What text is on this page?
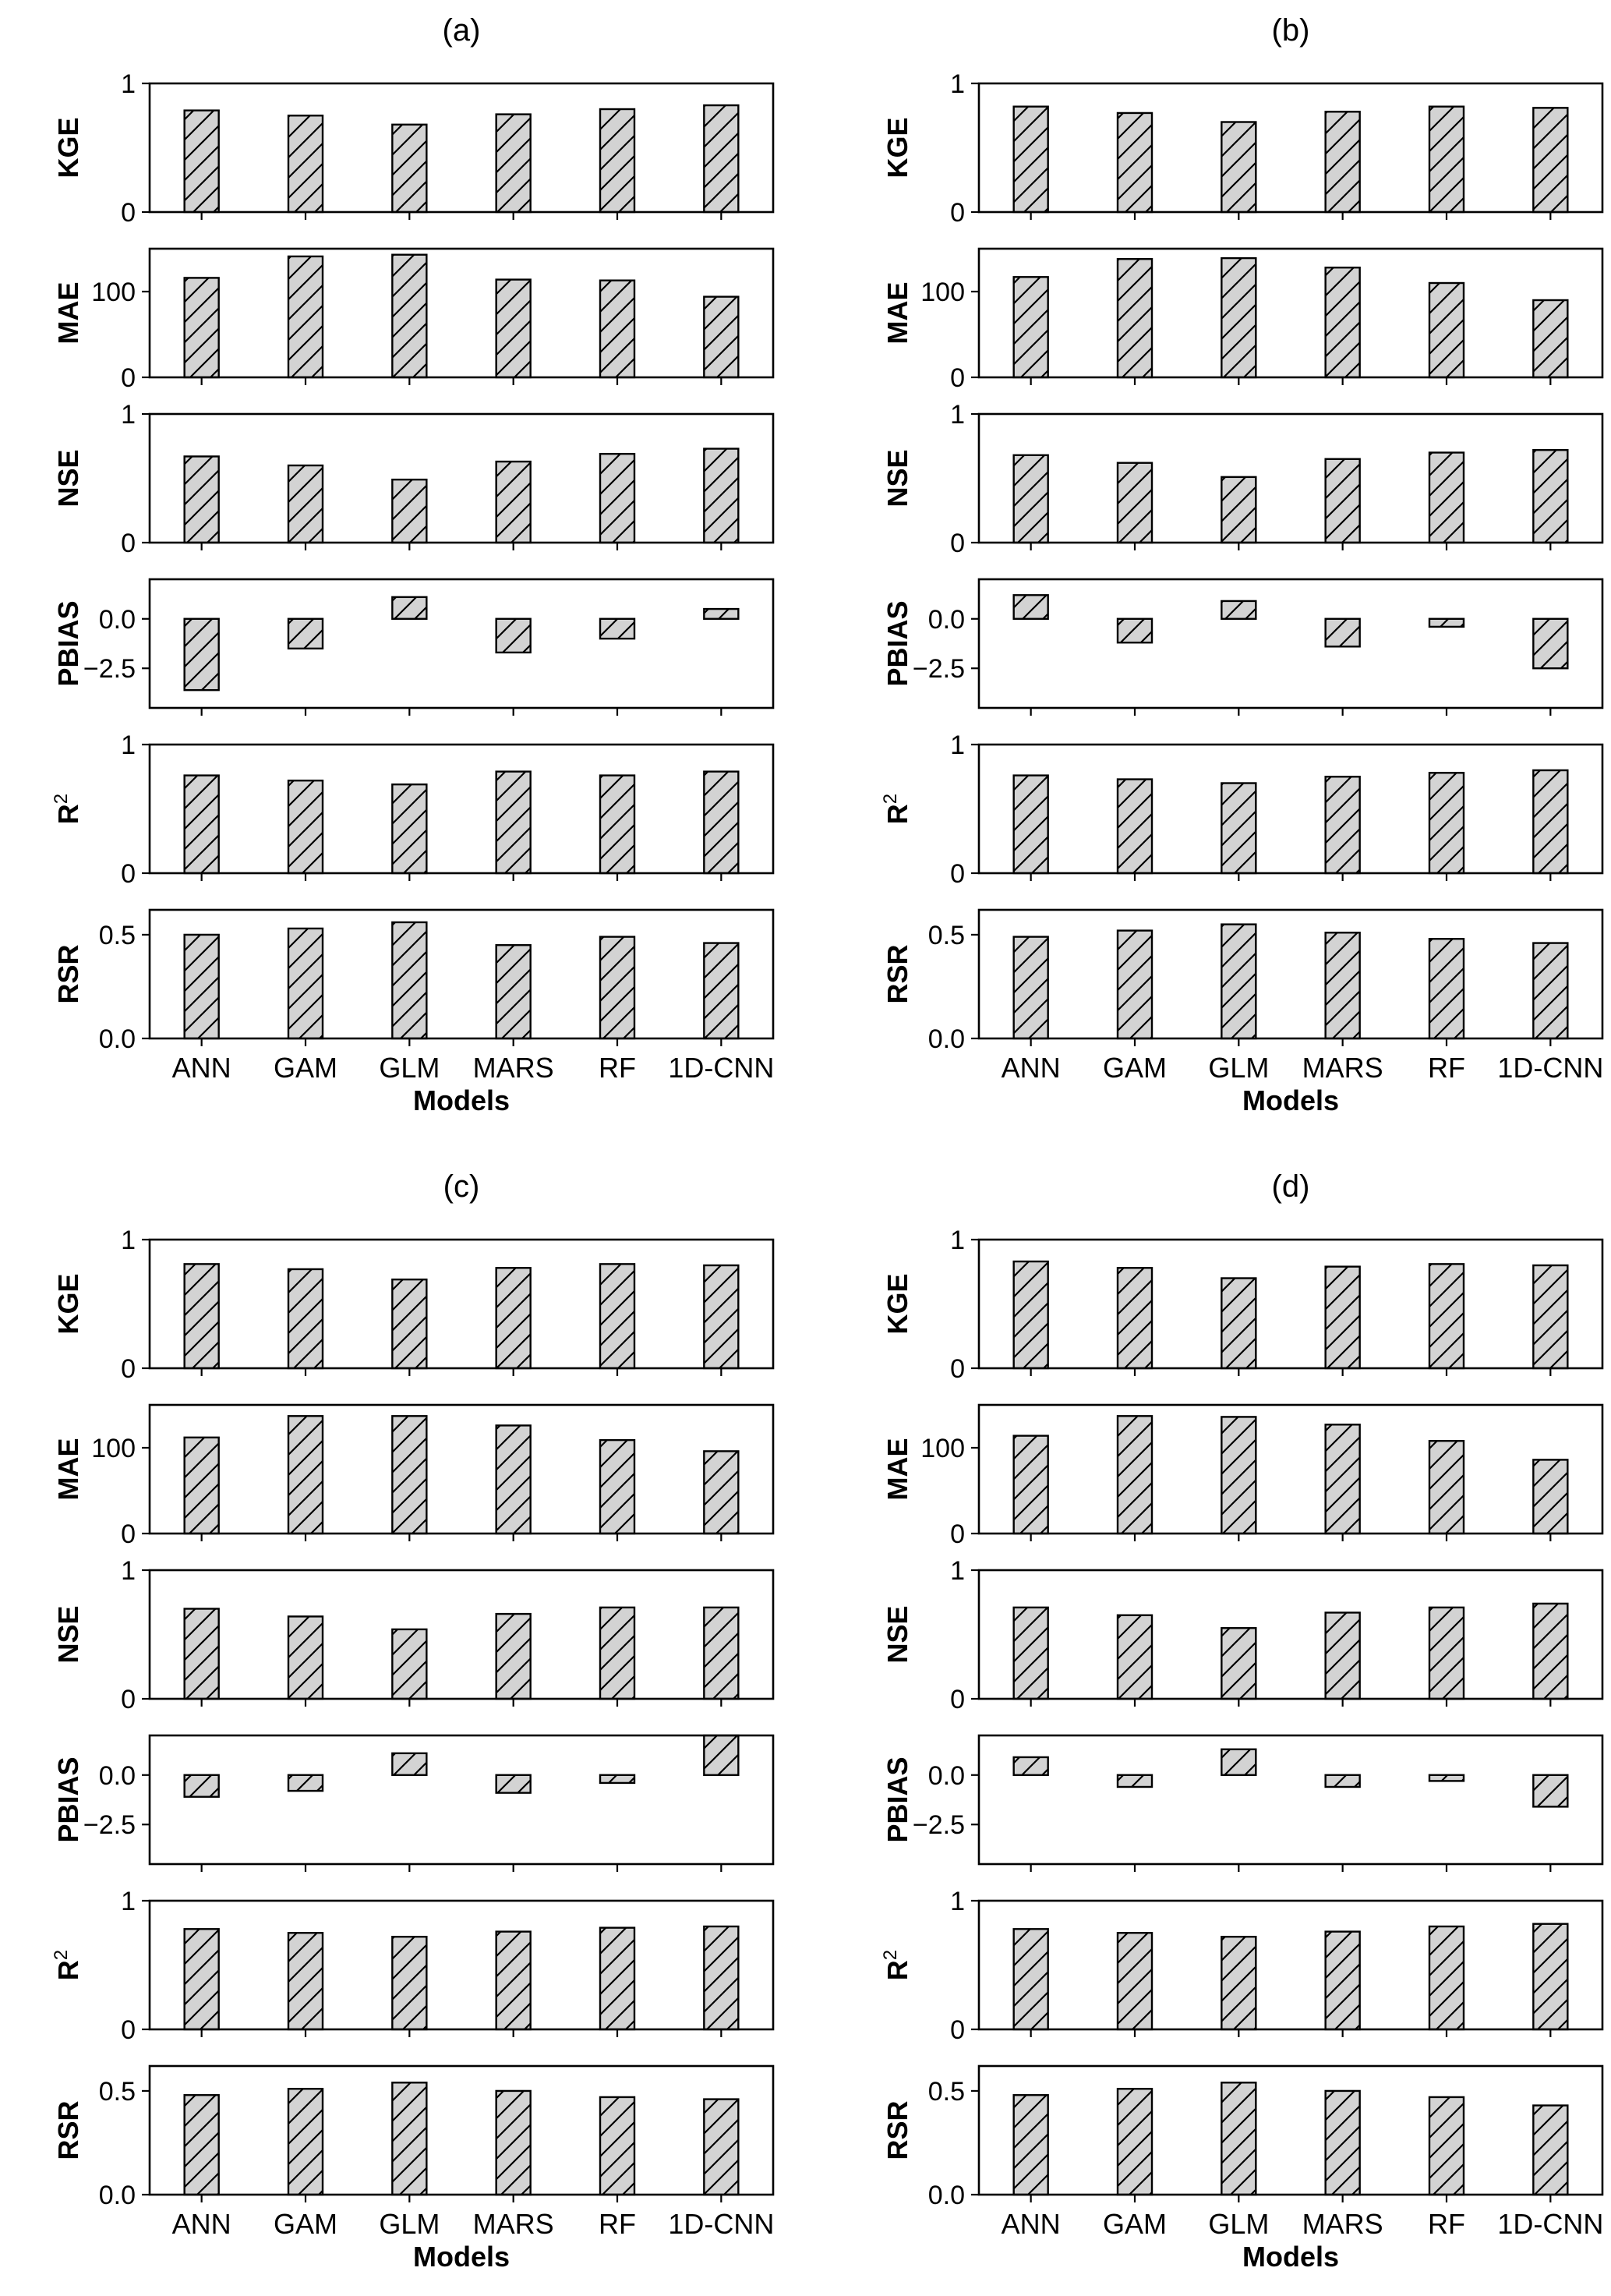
(a)
0
1
KGE
0
100
MAE
0
1
NSE
0.0
−2.5
PBIAS
0
1
$R^2$
0.0
0.5
RSR
ANN GAM GLM MARS RF 1D-CNN
Models
(b)
0
1
KGE
0
100
MAE
0
1
NSE
0.0
−2.5
PBIAS
0
1
$R^2$
0.0
0.5
RSR
ANN GAM GLM MARS RF 1D-CNN
Models
(c)
0
1
KGE
0
100
MAE
0
1
NSE
0.0
−2.5
PBIAS
0
1
$R^2$
0.0
0.5
RSR
ANN GAM GLM MARS RF 1D-CNN
Models
(d)
0
1
KGE
0
100
MAE
0
1
NSE
0.0
−2.5
PBIAS
0
1
$R^2$
0.0
0.5
RSR
ANN GAM GLM MARS RF 1D-CNN
Models
